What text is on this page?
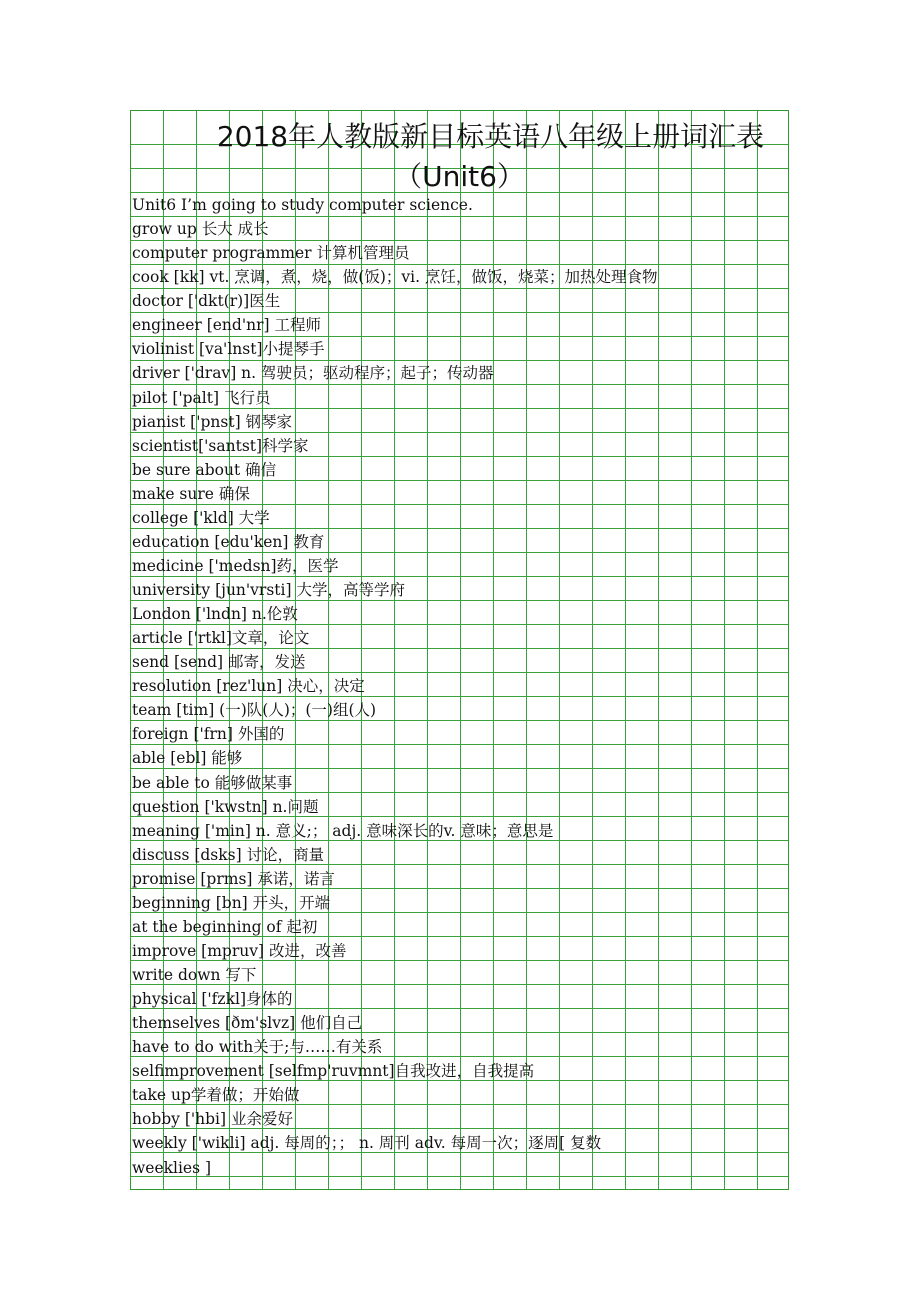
2018年人教版新目标英语八年级上册词汇表
（Unit6）
Unit6 I’m going to study computer science.
grow up 长大 成长
computer programmer 计算机管理员
cook [kk] vt. 烹调，煮，烧，做(饭)；vi. 烹饪，做饭，烧菜；加热处理食物
doctor ['dkt(r)]医生
engineer [end'nr] 工程师
violinist [va'lnst]小提琴手
driver ['drav] n. 驾驶员；驱动程序；起子；传动器
pilot ['palt] 飞行员
pianist ['pnst] 钢琴家
scientist['santst]科学家
be sure about 确信
make sure 确保
college ['kld] 大学
education [edu'ken] 教育
medicine ['medsn]药，医学
university [jun'vrsti] 大学，高等学府
London ['lndn] n.伦敦
article ['rtkl]文章，论文
send [send] 邮寄，发送
resolution [rez'lun] 决心，决定
team [tim] (一)队(人)；(一)组(人)
foreign ['frn] 外国的
able [ebl] 能够
be able to 能够做某事
question ['kwstn] n.问题
meaning ['min] n. 意义;； adj. 意味深长的v. 意味；意思是
discuss [dsks] 讨论，商量
promise [prms] 承诺，诺言
beginning [bn] 开头，开端
at the beginning of 起初
improve [mpruv] 改进，改善
write down 写下
physical ['fzkl]身体的
themselves [ðm'slvz] 他们自己
have to do with关于;与……有关系
selfimprovement [selfmp'ruvmnt]自我改进，自我提高
take up学着做；开始做
hobby ['hbi] 业余爱好
weekly ['wikli] adj. 每周的；； n. 周刊 adv. 每周一次；逐周[ 复数
weeklies ]
